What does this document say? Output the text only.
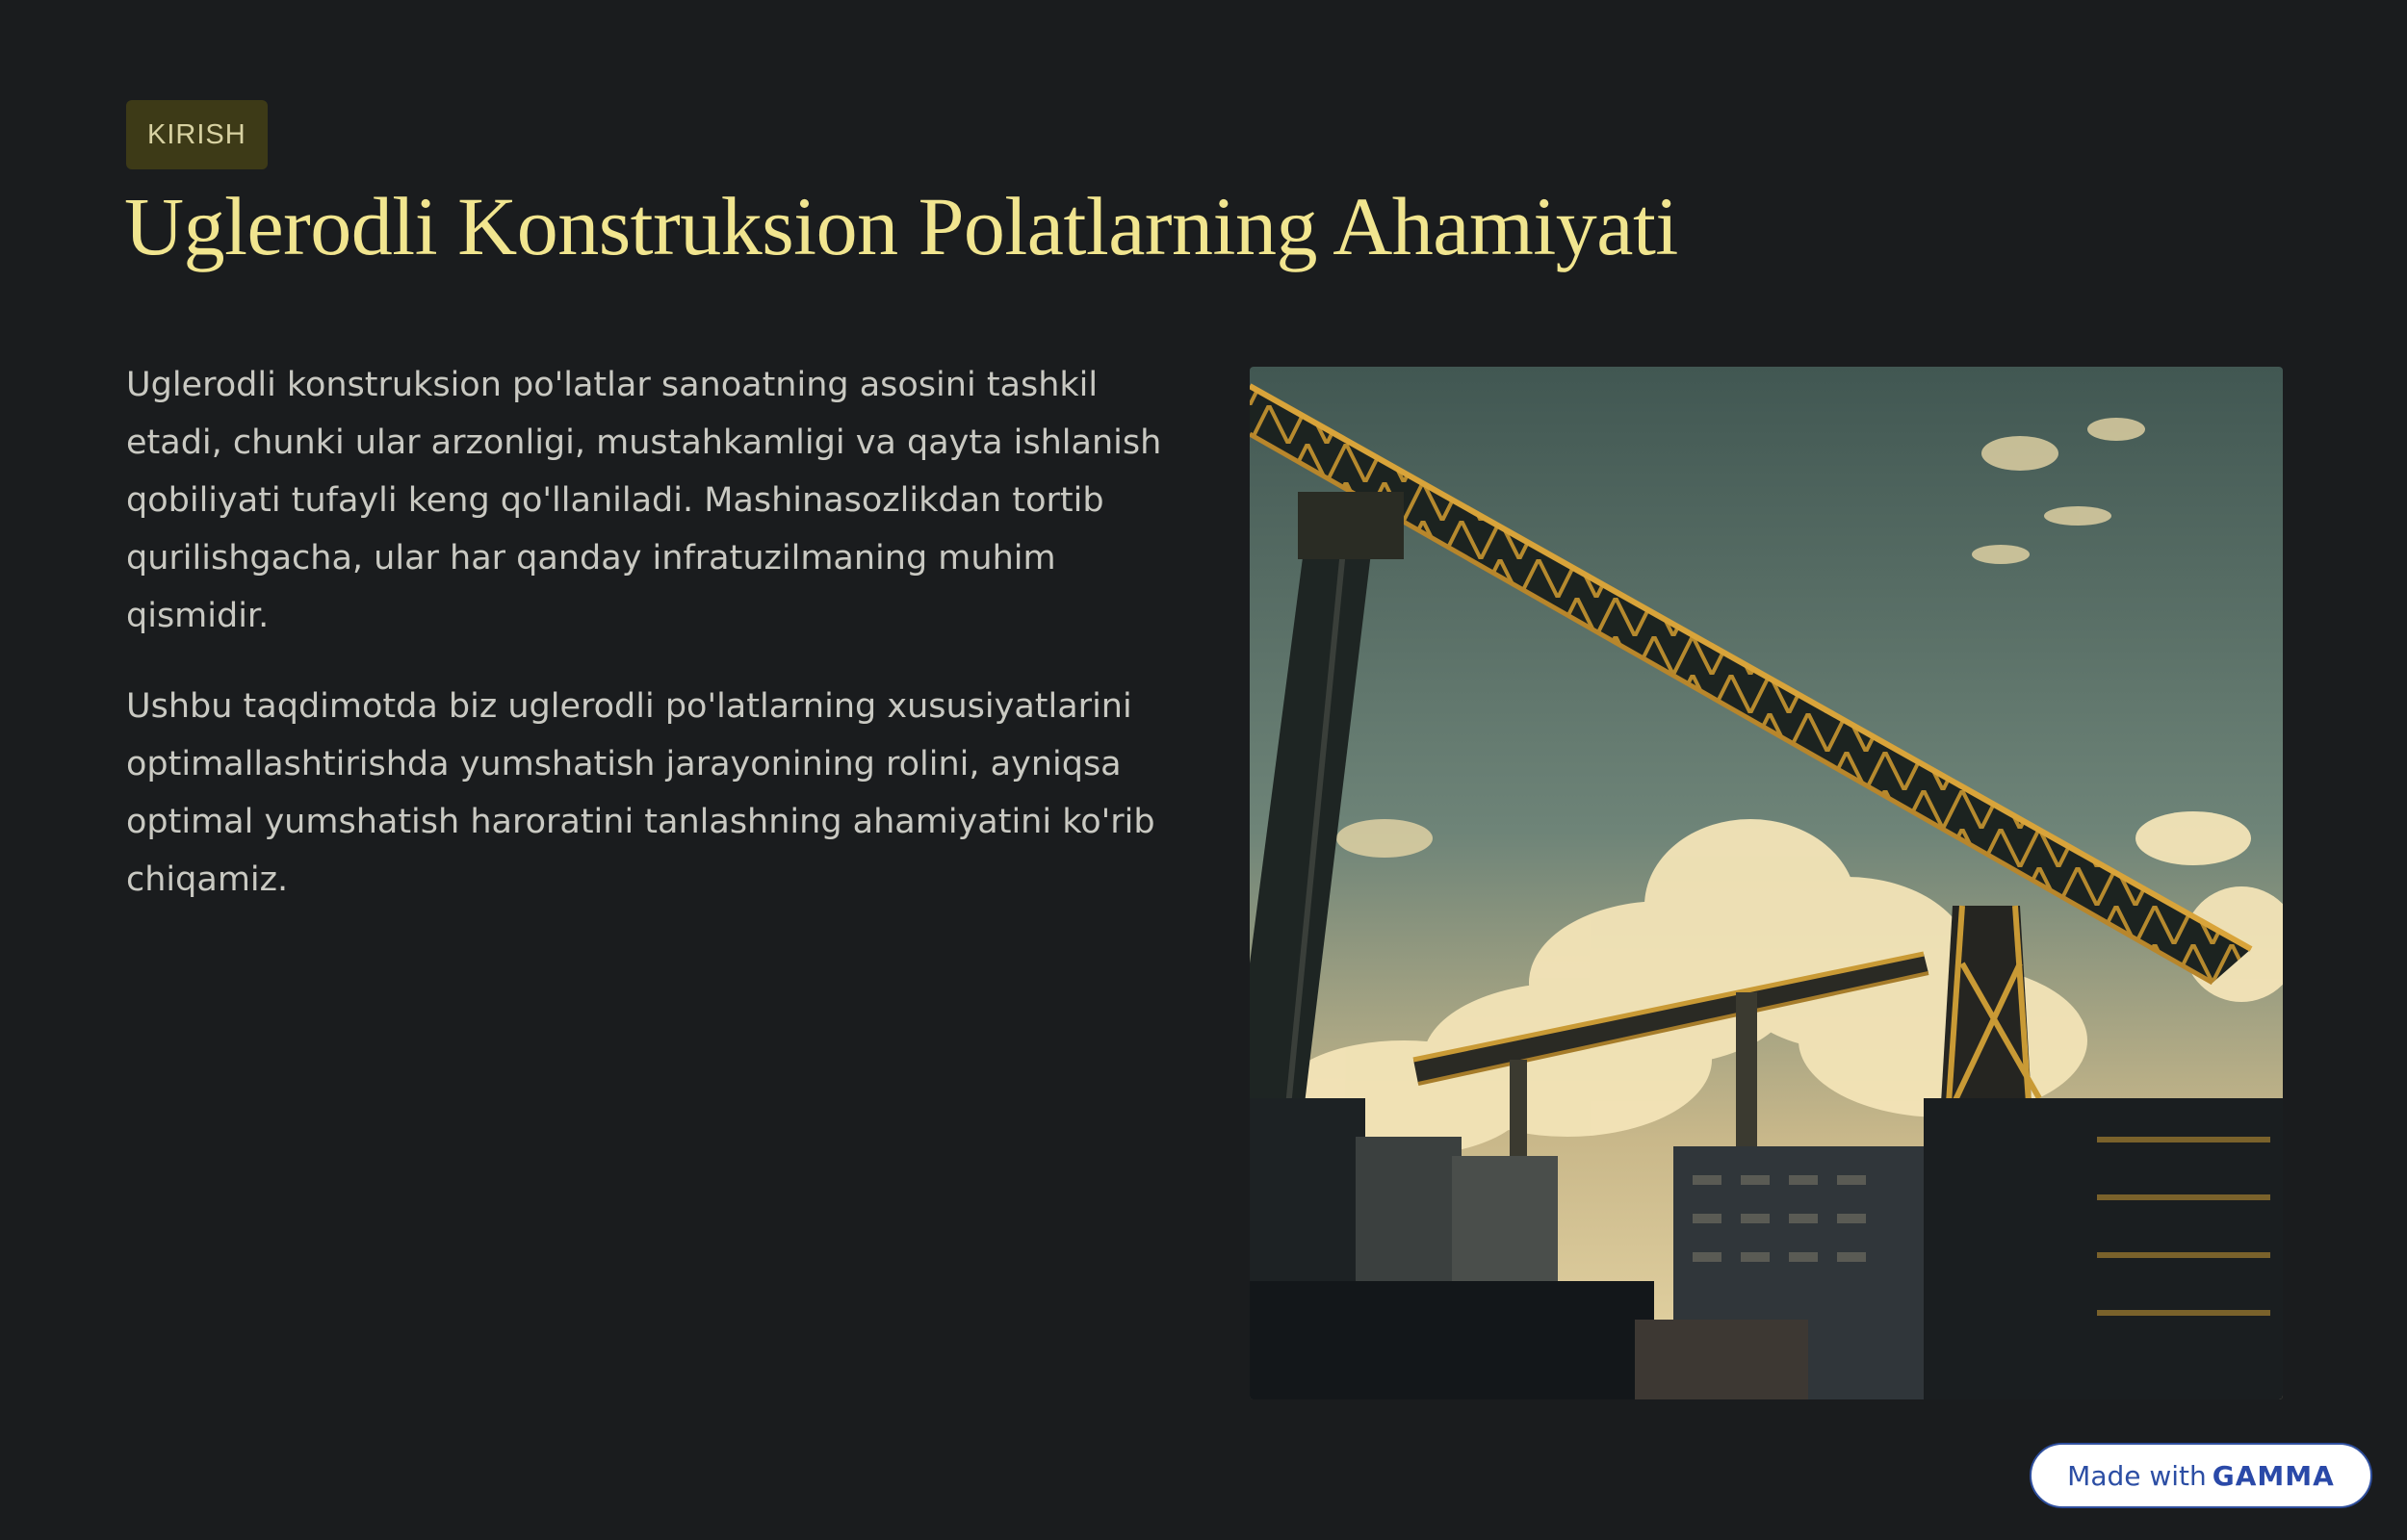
KIRISH
Uglerodli Konstruksion Polatlarning Ahamiyati

Uglerodli konstruksion po'latlar sanoatning asosini tashkil etadi, chunki ular arzonligi, mustahkamligi va qayta ishlanish qobiliyati tufayli keng qo'llaniladi. Mashinasozlikdan tortib qurilishgacha, ular har qanday infratuzilmaning muhim qismidir.

Ushbu taqdimotda biz uglerodli po'latlarning xususiyatlarini optimallashtirishda yumshatish jarayonining rolini, ayniqsa optimal yumshatish haroratini tanlashning ahamiyatini ko'rib chiqamiz.

Made with GAMMA
